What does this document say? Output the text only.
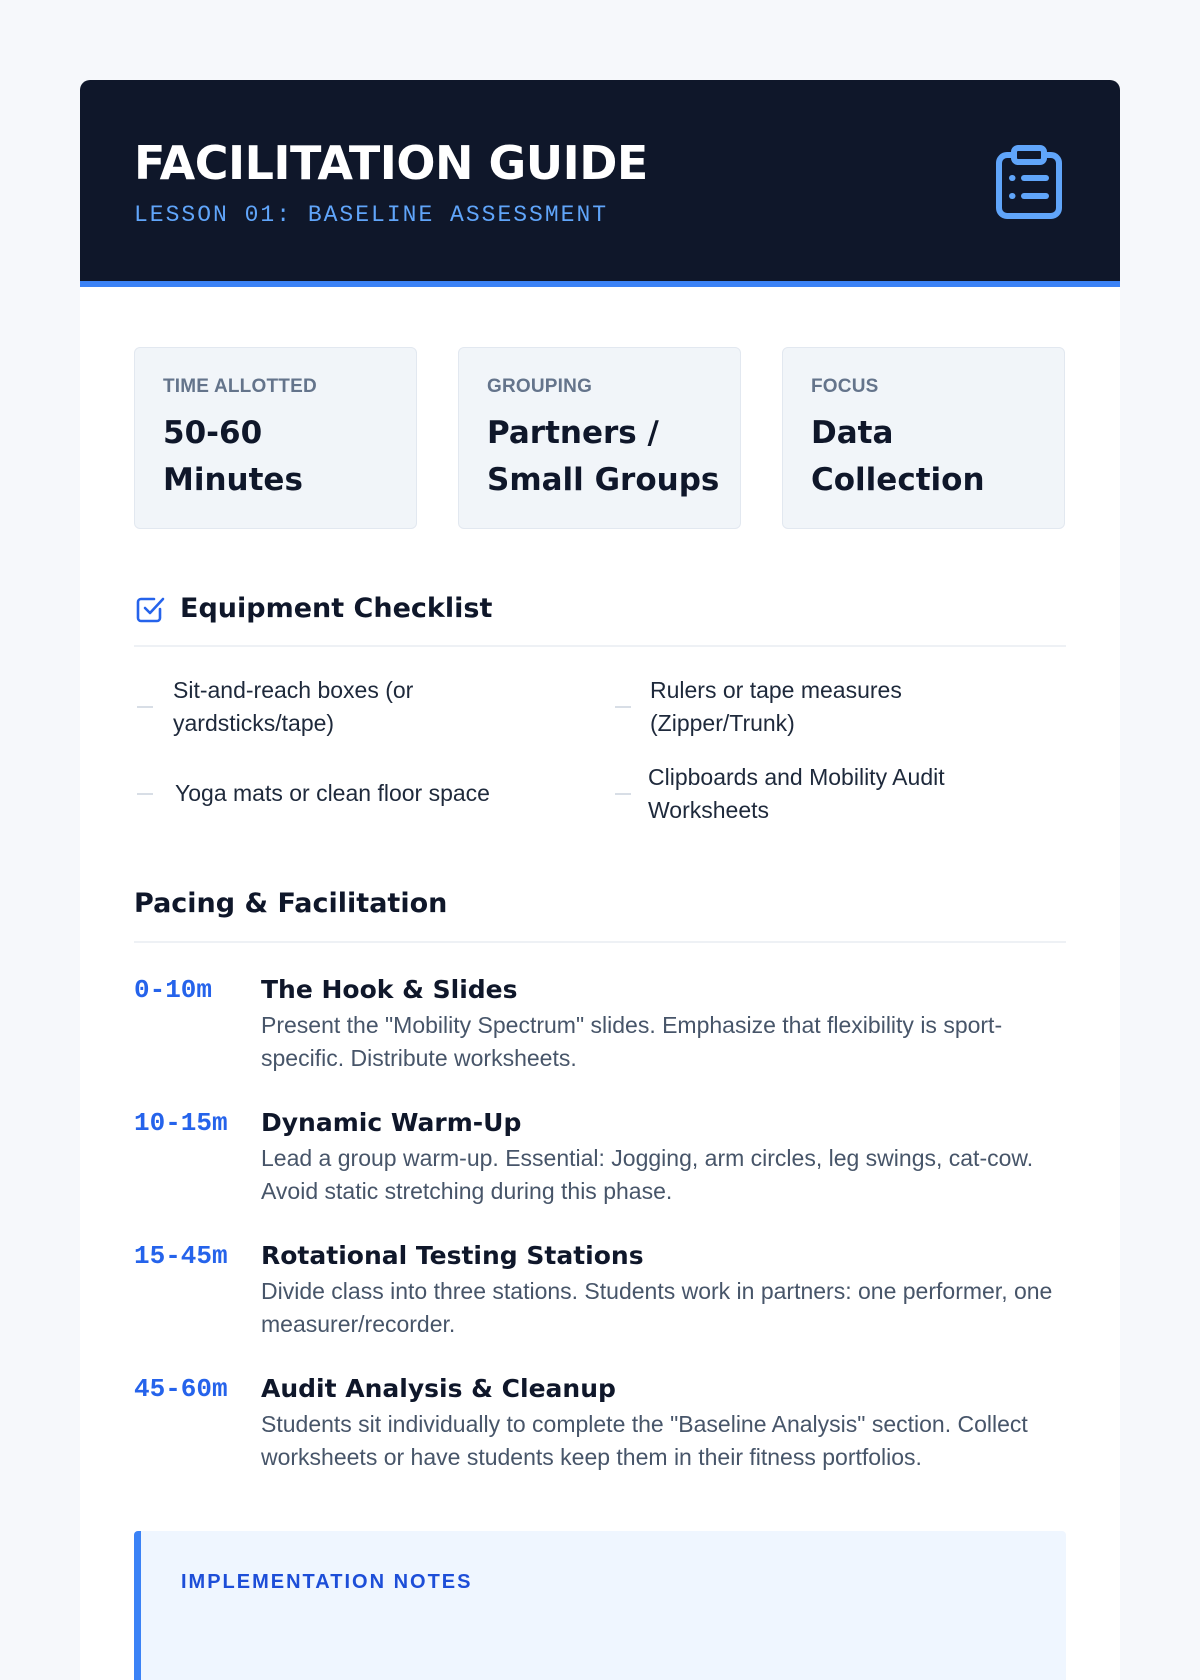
FACILITATION GUIDE
LESSON 01: BASELINE ASSESSMENT
TIME ALLOTTED
50-60 Minutes
GROUPING
Partners / Small Groups
FOCUS
Data Collection
Equipment Checklist
Sit-and-reach boxes (or yardsticks/tape)
Rulers or tape measures (Zipper/Trunk)
Yoga mats or clean floor space
Clipboards and Mobility Audit Worksheets
Pacing & Facilitation
0-10m The Hook & Slides
Present the "Mobility Spectrum" slides. Emphasize that flexibility is sport-specific. Distribute worksheets.
10-15m Dynamic Warm-Up
Lead a group warm-up. Essential: Jogging, arm circles, leg swings, cat-cow. Avoid static stretching during this phase.
15-45m Rotational Testing Stations
Divide class into three stations. Students work in partners: one performer, one measurer/recorder.
45-60m Audit Analysis & Cleanup
Students sit individually to complete the "Baseline Analysis" section. Collect worksheets or have students keep them in their fitness portfolios.
IMPLEMENTATION NOTES
